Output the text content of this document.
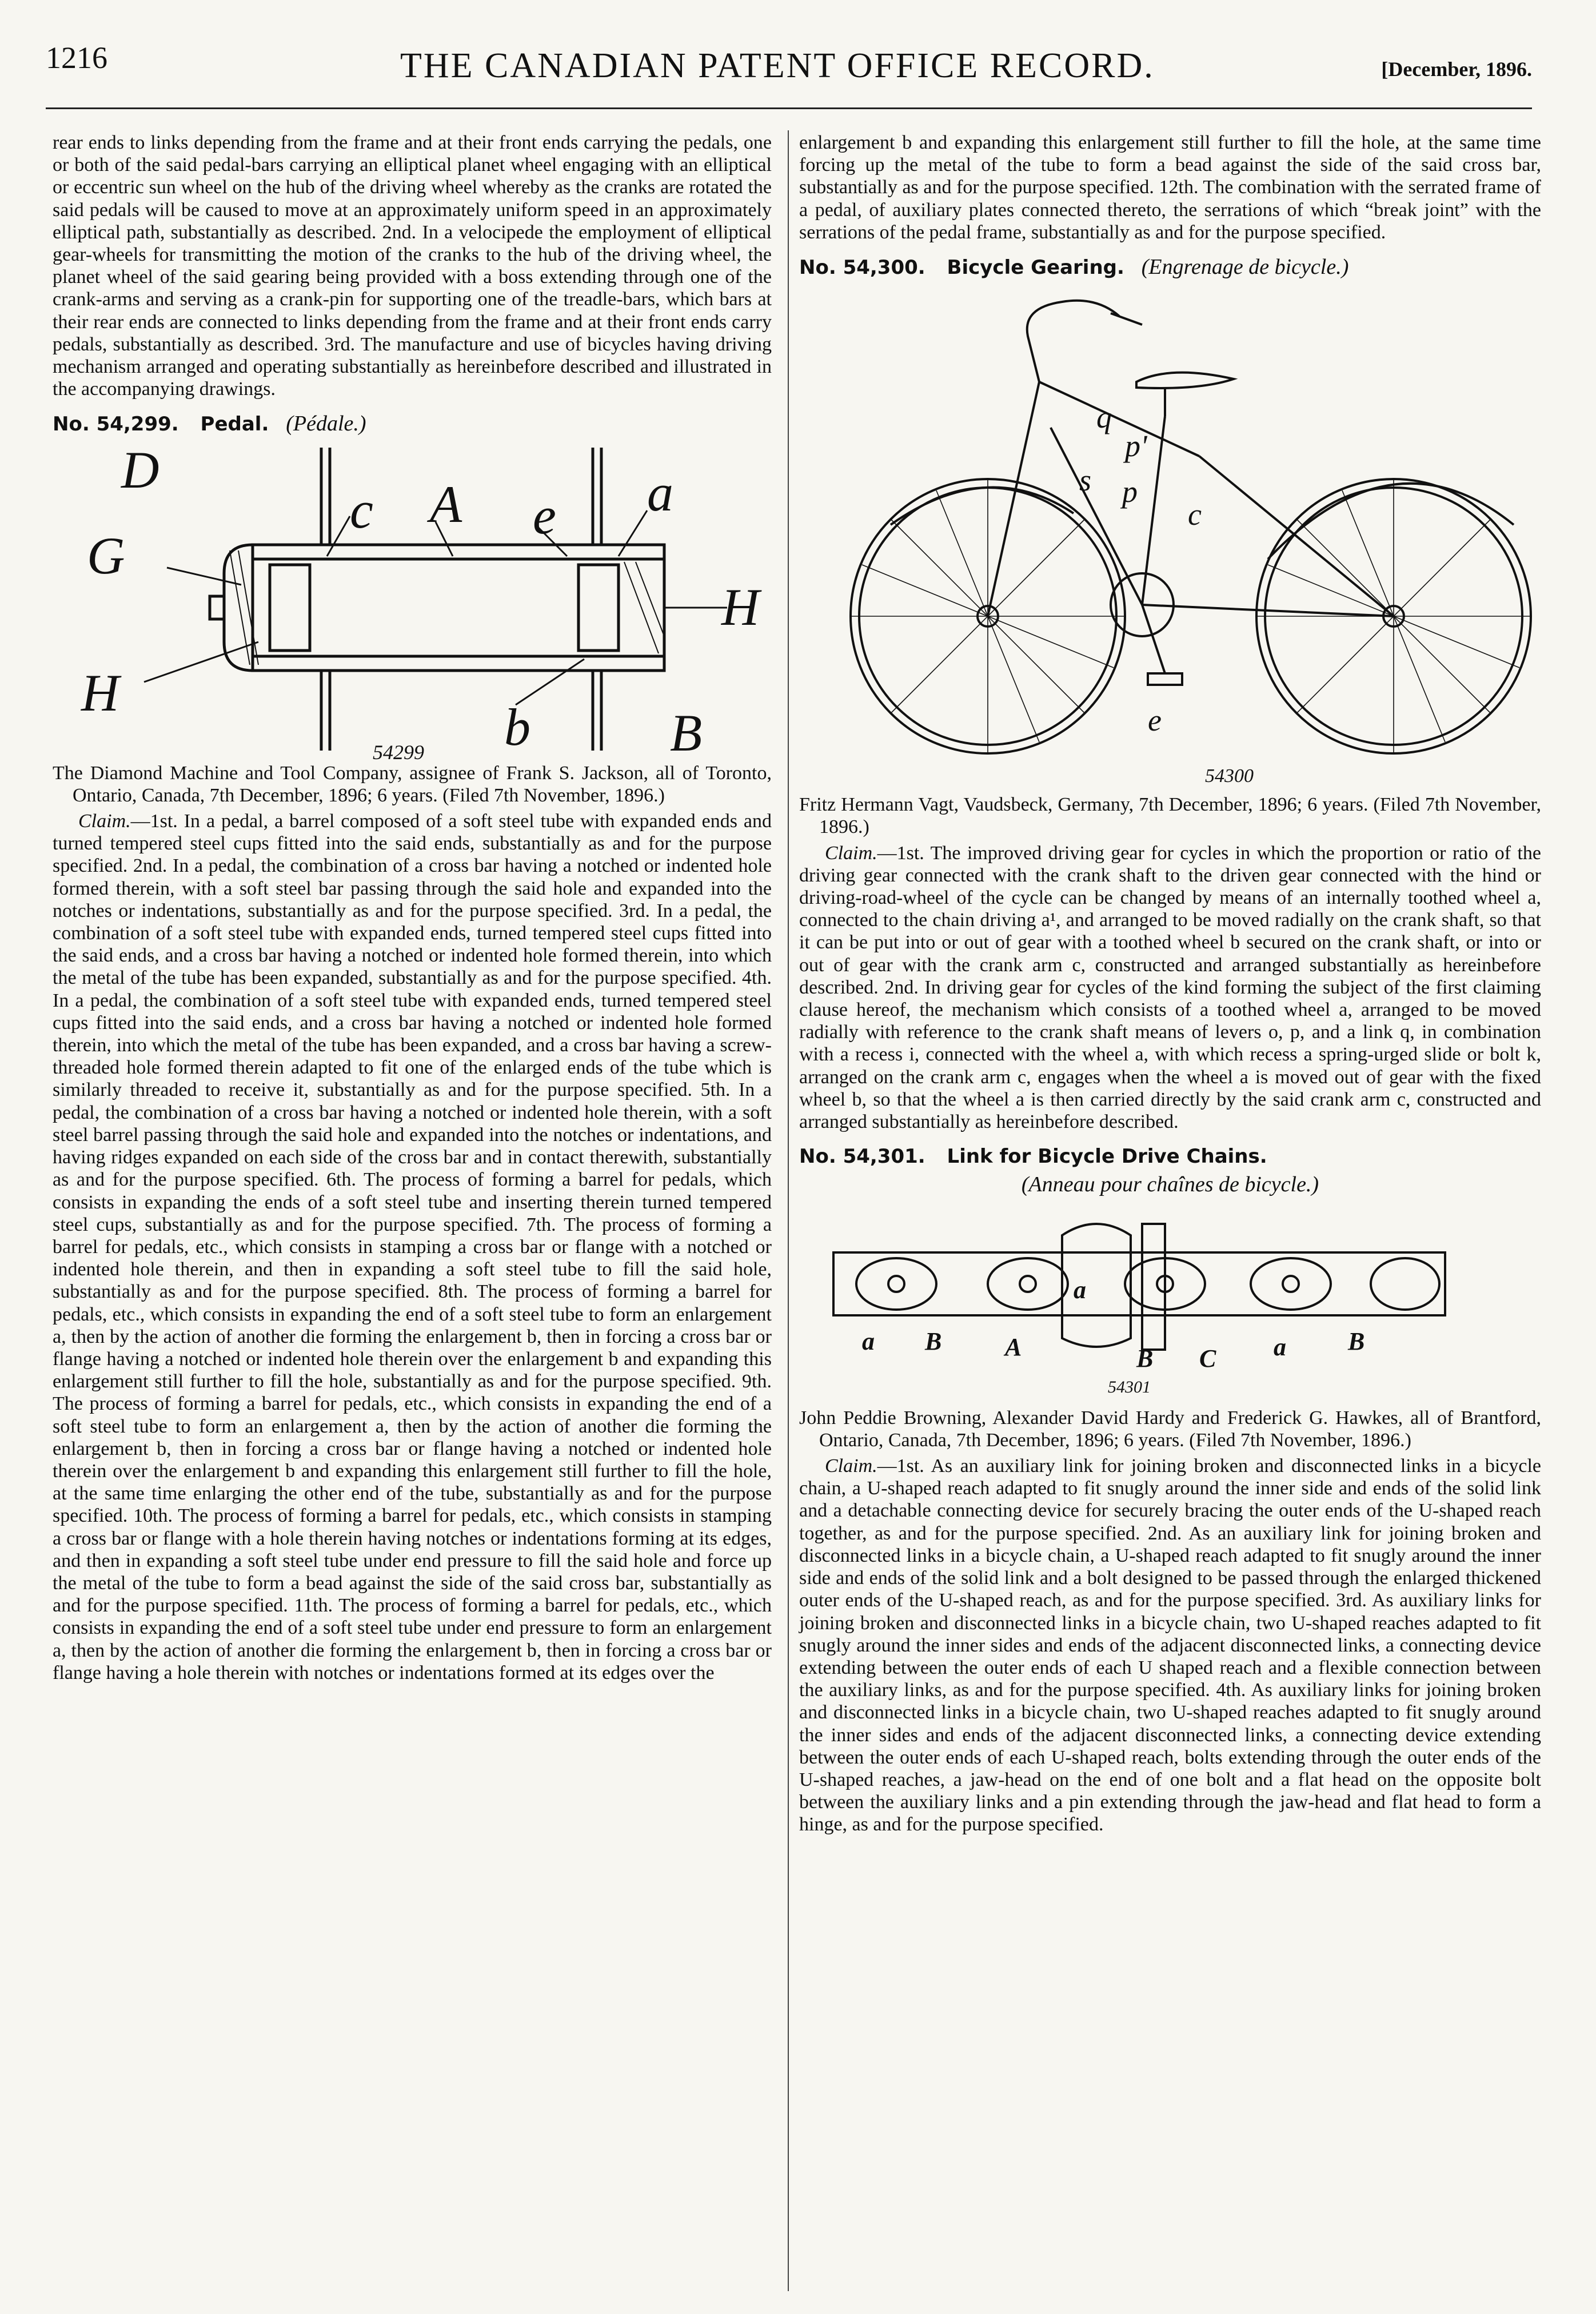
1216	THE CANADIAN PATENT OFFICE RECORD.	[December, 1896.

rear ends to links depending from the frame and at their front ends carrying the pedals, one or both of the said pedal-bars carrying an elliptical planet wheel engaging with an elliptical or eccentric sun wheel on the hub of the driving wheel whereby as the cranks are rotated the said pedals will be caused to move at an approximately uniform speed in an approximately elliptical path, substantially as described. 2nd. In a velocipede the employment of elliptical gear-wheels for transmitting the motion of the cranks to the hub of the driving wheel, the planet wheel of the said gearing being provided with a boss extending through one of the crank-arms and serving as a crank-pin for supporting one of the treadle-bars, which bars at their rear ends are connected to links depending from the frame and at their front ends carry pedals, substantially as described. 3rd. The manufacture and use of bicycles having driving mechanism arranged and operating substantially as hereinbefore described and illustrated in the accompanying drawings.

No. 54,299. Pedal. (Pédale.)
D
G
H
c A e a
H
b	B
54299

The Diamond Machine and Tool Company, assignee of Frank S. Jackson, all of Toronto, Ontario, Canada, 7th December, 1896; 6 years. (Filed 7th November, 1896.)

Claim.—1st. In a pedal, a barrel composed of a soft steel tube with expanded ends and turned tempered steel cups fitted into the said ends, substantially as and for the purpose specified. 2nd. In a pedal, the combination of a cross bar having a notched or indented hole formed therein, with a soft steel bar passing through the said hole and expanded into the notches or indentations, substantially as and for the purpose specified. 3rd. In a pedal, the combination of a soft steel tube with expanded ends, turned tempered steel cups fitted into the said ends, and a cross bar having a notched or indented hole formed therein, into which the metal of the tube has been expanded, substantially as and for the purpose specified. 4th. In a pedal, the combination of a soft steel tube with expanded ends, turned tempered steel cups fitted into the said ends, and a cross bar having a notched or indented hole formed therein, into which the metal of the tube has been expanded, and a cross bar having a screw-threaded hole formed therein adapted to fit one of the enlarged ends of the tube which is similarly threaded to receive it, substantially as and for the purpose specified. 5th. In a pedal, the combination of a cross bar having a notched or indented hole therein, with a soft steel barrel passing through the said hole and expanded into the notches or indentations, and having ridges expanded on each side of the cross bar and in contact therewith, substantially as and for the purpose specified. 6th. The process of forming a barrel for pedals, which consists in expanding the ends of a soft steel tube and inserting therein turned tempered steel cups, substantially as and for the purpose specified. 7th. The process of forming a barrel for pedals, etc., which consists in stamping a cross bar or flange with a notched or indented hole therein, and then in expanding a soft steel tube to fill the said hole, substantially as and for the purpose specified. 8th. The process of forming a barrel for pedals, etc., which consists in expanding the end of a soft steel tube to form an enlargement a, then by the action of another die forming the enlargement b, then in forcing a cross bar or flange having a notched or indented hole therein over the enlargement b and expanding this enlargement still further to fill the hole, substantially as and for the purpose specified. 9th. The process of forming a barrel for pedals, etc., which consists in expanding the end of a soft steel tube to form an enlargement a, then by the action of another die forming the enlargement b, then in forcing a cross bar or flange having a notched or indented hole therein over the enlargement b and expanding this enlargement still further to fill the hole, at the same time enlarging the other end of the tube, substantially as and for the purpose specified. 10th. The process of forming a barrel for pedals, etc., which consists in stamping a cross bar or flange with a hole therein having notches or indentations forming at its edges, and then in expanding a soft steel tube under end pressure to fill the said hole and force up the metal of the tube to form a bead against the side of the said cross bar, substantially as and for the purpose specified. 11th. The process of forming a barrel for pedals, etc., which consists in expanding the end of a soft steel tube under end pressure to form an enlargement a, then by the action of another die forming the enlargement b, then in forcing a cross bar or flange having a hole therein with notches or indentations formed at its edges over the

enlargement b and expanding this enlargement still further to fill the hole, at the same time forcing up the metal of the tube to form a bead against the side of the said cross bar, substantially as and for the purpose specified. 12th. The combination with the serrated frame of a pedal, of auxiliary plates connected thereto, the serrations of which “break joint” with the serrations of the pedal frame, substantially as and for the purpose specified.

No. 54,300. Bicycle Gearing. (Engrenage de bicycle.)
q
p'
s p
c
e
54300

Fritz Hermann Vagt, Vaudsbeck, Germany, 7th December, 1896; 6 years. (Filed 7th November, 1896.)

Claim.—1st. The improved driving gear for cycles in which the proportion or ratio of the driving gear connected with the crank shaft to the driven gear connected with the hind or driving-road-wheel of the cycle can be changed by means of an internally toothed wheel a, connected to the chain driving a¹, and arranged to be moved radially on the crank shaft, so that it can be put into or out of gear with a toothed wheel b secured on the crank shaft, or into or out of gear with the crank arm c, constructed and arranged substantially as hereinbefore described. 2nd. In driving gear for cycles of the kind forming the subject of the first claiming clause hereof, the mechanism which consists of a toothed wheel a, arranged to be moved radially with reference to the crank shaft means of levers o, p, and a link q, in combination with a recess i, connected with the wheel a, with which recess a spring-urged slide or bolt k, arranged on the crank arm c, engages when the wheel a is moved out of gear with the fixed wheel b, so that the wheel a is then carried directly by the said crank arm c, constructed and arranged substantially as hereinbefore described.

No. 54,301. Link for Bicycle Drive Chains.
(Anneau pour chaînes de bicycle.)
a B	A
a
B C a B
54301

John Peddie Browning, Alexander David Hardy and Frederick G. Hawkes, all of Brantford, Ontario, Canada, 7th December, 1896; 6 years. (Filed 7th November, 1896.)

Claim.—1st. As an auxiliary link for joining broken and disconnected links in a bicycle chain, a U-shaped reach adapted to fit snugly around the inner side and ends of the solid link and a detachable connecting device for securely bracing the outer ends of the U-shaped reach together, as and for the purpose specified. 2nd. As an auxiliary link for joining broken and disconnected links in a bicycle chain, a U-shaped reach adapted to fit snugly around the inner side and ends of the solid link and a bolt designed to be passed through the enlarged thickened outer ends of the U-shaped reach, as and for the purpose specified. 3rd. As auxiliary links for joining broken and disconnected links in a bicycle chain, two U-shaped reaches adapted to fit snugly around the inner sides and ends of the adjacent disconnected links, a connecting device extending between the outer ends of each U shaped reach and a flexible connection between the auxiliary links, as and for the purpose specified. 4th. As auxiliary links for joining broken and disconnected links in a bicycle chain, two U-shaped reaches adapted to fit snugly around the inner sides and ends of the adjacent disconnected links, a connecting device extending between the outer ends of each U-shaped reach, bolts extending through the outer ends of the U-shaped reaches, a jaw-head on the end of one bolt and a flat head on the opposite bolt between the auxiliary links and a pin extending through the jaw-head and flat head to form a hinge, as and for the purpose specified.
